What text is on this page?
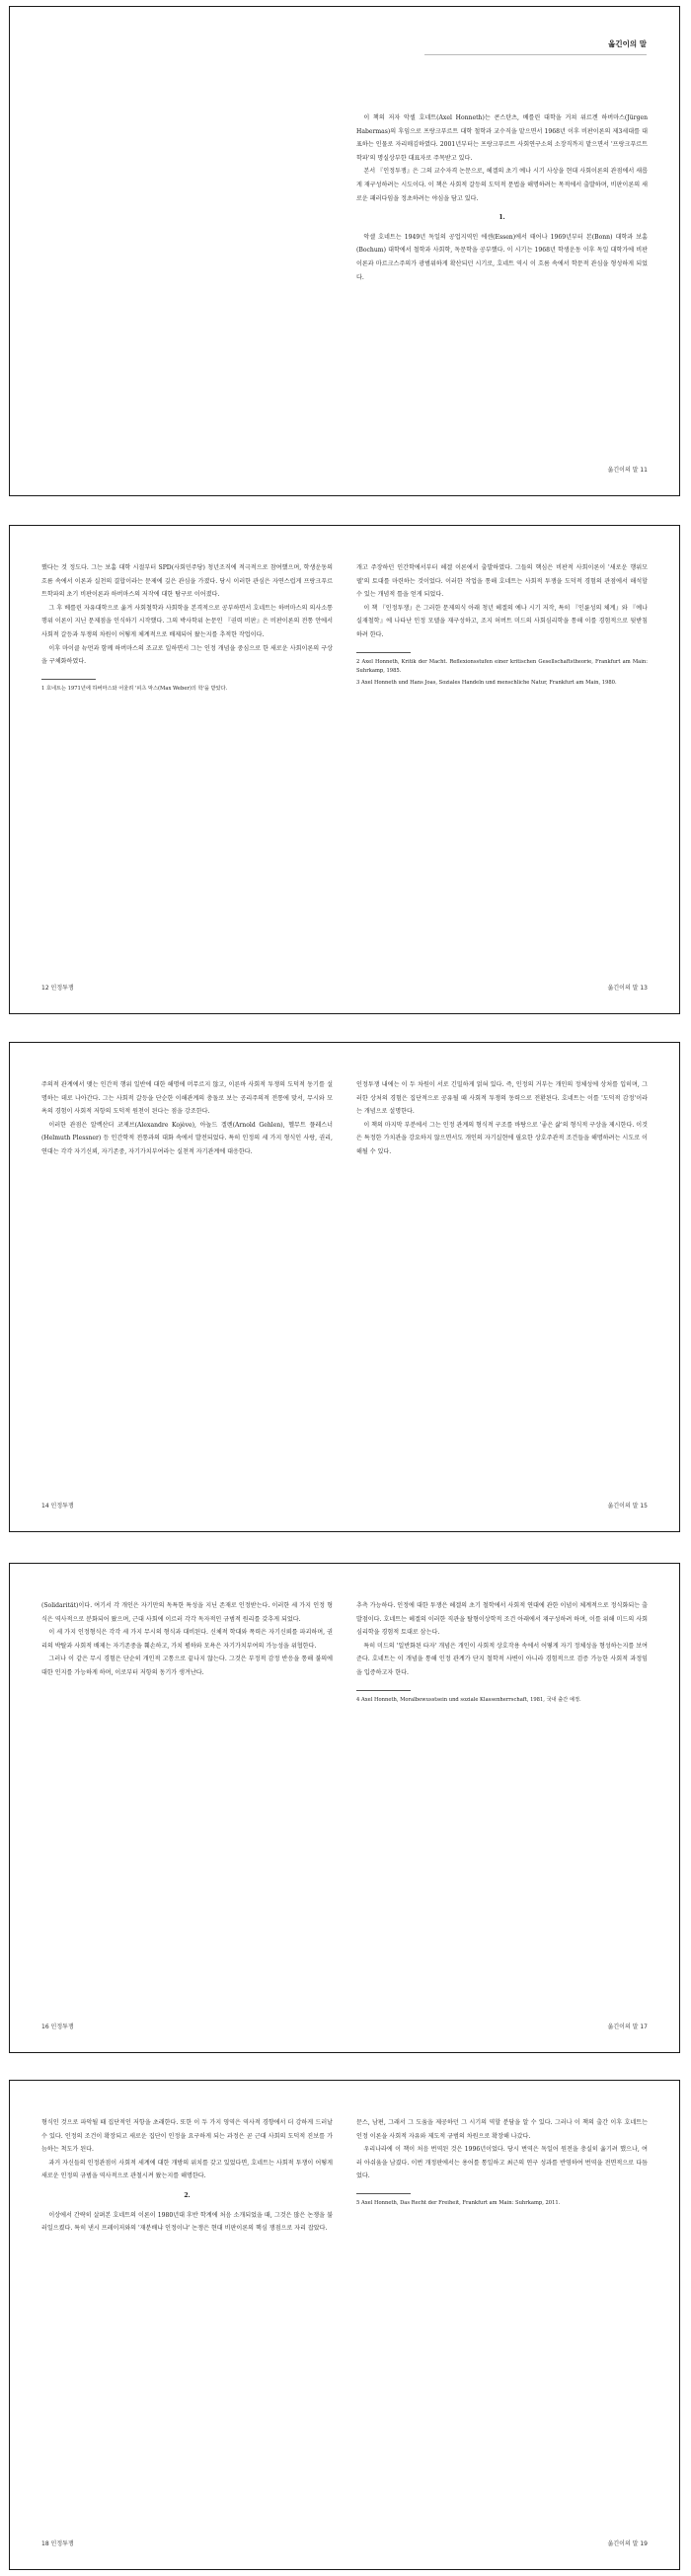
옮긴이의 말

이 책의 저자 악셀 호네트(Axel Honneth)는 콘스탄츠, 베를린 대학을 거쳐 위르겐 하버마스(Jürgen Habermas)의 후임으로 프랑크푸르트 대학 철학과 교수직을 맡으면서 1968년 이후 비판이론의 제3세대를 대표하는 인물로 자리매김하였다. 2001년부터는 프랑크푸르트 사회연구소의 소장직까지 맡으면서 '프랑크푸르트학파'의 명실상부한 대표자로 주목받고 있다.

본서 『인정투쟁』은 그의 교수자격 논문으로, 헤겔의 초기 예나 시기 사상을 현대 사회이론의 관점에서 새롭게 재구성하려는 시도이다. 이 책은 사회적 갈등의 도덕적 문법을 해명하려는 목적에서 출발하며, 비판이론의 새로운 패러다임을 정초하려는 야심을 담고 있다.

1.

악셀 호네트는 1949년 독일의 공업지역인 에센(Essen)에서 태어나 1969년부터 본(Bonn) 대학과 보훔(Bochum) 대학에서 철학과 사회학, 독문학을 공부했다. 이 시기는 1968년 학생운동 이후 독일 대학가에 비판이론과 마르크스주의가 광범위하게 확산되던 시기로, 호네트 역시 이 흐름 속에서 학문적 관심을 형성하게 되었다.

옮긴이의 말 11

했다는 것 정도다. 그는 보훔 대학 시절부터 SPD(사회민주당) 청년조직에 적극적으로 참여했으며, 학생운동의 흐름 속에서 이론과 실천의 결합이라는 문제에 깊은 관심을 가졌다. 당시 이러한 관심은 자연스럽게 프랑크푸르트학파의 초기 비판이론과 하버마스의 저작에 대한 탐구로 이어졌다.

그 후 베를린 자유대학으로 옮겨 사회철학과 사회학을 본격적으로 공부하면서 호네트는 하버마스의 의사소통행위 이론이 지닌 문제점을 인식하기 시작했다. 그의 박사학위 논문인 『권력 비판』은 비판이론의 전통 안에서 사회적 갈등과 투쟁의 차원이 어떻게 체계적으로 배제되어 왔는지를 추적한 작업이다.

이후 마이클 뉴먼과 함께 하버마스의 조교로 일하면서 그는 인정 개념을 중심으로 한 새로운 사회이론의 구상을 구체화하였다.

1 호네트는 1971년에 하버마스와 어울려 '피츠 막스(Max Weber)의 학'을 받았다.

개고 주장하던 인간학에서부터 헤겔 이론에서 출발하였다. 그들의 핵심은 비판적 사회이론이 '새로운 행위모델'의 토대를 마련하는 것이었다. 이러한 작업을 통해 호네트는 사회적 투쟁을 도덕적 경험의 관점에서 해석할 수 있는 개념적 틀을 얻게 되었다.

이 책 『인정투쟁』은 그러한 문제의식 아래 청년 헤겔의 예나 시기 저작, 특히 『인륜성의 체계』와 『예나 실재철학』에 나타난 인정 모델을 재구성하고, 조지 허버트 미드의 사회심리학을 통해 이를 경험적으로 뒷받침하려 한다.

2 Axel Honneth, Kritik der Macht. Reflexionsstufen einer kritischen Gesellschaftstheorie, Frankfurt am Main: Suhrkamp, 1985.

3 Axel Honneth und Hans Joas, Soziales Handeln und menschliche Natur, Frankfurt am Main, 1980.

12 인정투쟁	옮긴이의 말 13

주의적 관계에서 맺는 인간적 행위 일반에 대한 해명에 머무르지 않고, 이른바 사회적 투쟁의 도덕적 동기를 설명하는 데로 나아간다. 그는 사회적 갈등을 단순한 이해관계의 충돌로 보는 공리주의적 전통에 맞서, 무시와 모욕의 경험이 사회적 저항의 도덕적 원천이 된다는 점을 강조한다.

이러한 관점은 알렉산더 코제브(Alexandre Kojève), 아놀드 겔렌(Arnold Gehlen), 헬무트 플레스너(Helmuth Plessner) 등 인간학적 전통과의 대화 속에서 발전되었다. 특히 인정의 세 가지 형식인 사랑, 권리, 연대는 각각 자기신뢰, 자기존중, 자기가치부여라는 실천적 자기관계에 대응한다.

인정투쟁 내에는 이 두 차원이 서로 긴밀하게 얽혀 있다. 즉, 인정의 거부는 개인의 정체성에 상처를 입히며, 그러한 상처의 경험은 집단적으로 공유될 때 사회적 투쟁의 동력으로 전환된다. 호네트는 이를 '도덕적 감정'이라는 개념으로 설명한다.

이 책의 마지막 부분에서 그는 인정 관계의 형식적 구조를 바탕으로 '좋은 삶'의 형식적 구상을 제시한다. 이것은 특정한 가치관을 강요하지 않으면서도 개인의 자기실현에 필요한 상호주관적 조건들을 해명하려는 시도로 이해될 수 있다.

14 인정투쟁	옮긴이의 말 15

(Solidarität)이다. 여기서 각 개인은 자기만의 독특한 특성을 지닌 존재로 인정받는다. 이러한 세 가지 인정 형식은 역사적으로 분화되어 왔으며, 근대 사회에 이르러 각각 독자적인 규범적 원리를 갖추게 되었다.

이 세 가지 인정형식은 각각 세 가지 무시의 형식과 대비된다. 신체적 학대와 폭력은 자기신뢰를 파괴하며, 권리의 박탈과 사회적 배제는 자기존중을 훼손하고, 가치 폄하와 모욕은 자기가치부여의 가능성을 위협한다.

그러나 이 같은 무시 경험은 단순히 개인적 고통으로 끝나지 않는다. 그것은 부정적 감정 반응을 통해 불의에 대한 인지를 가능하게 하며, 이로부터 저항의 동기가 생겨난다.

추측 가능하다. 인정에 대한 투쟁은 헤겔의 초기 철학에서 사회적 연대에 관한 이념이 체계적으로 정식화되는 출발점이다. 호네트는 헤겔의 이러한 직관을 탈형이상학적 조건 아래에서 재구성하려 하며, 이를 위해 미드의 사회심리학을 경험적 토대로 삼는다.

특히 미드의 '일반화된 타자' 개념은 개인이 사회적 상호작용 속에서 어떻게 자기 정체성을 형성하는지를 보여준다. 호네트는 이 개념을 통해 인정 관계가 단지 철학적 사변이 아니라 경험적으로 검증 가능한 사회적 과정임을 입증하고자 한다.

4 Axel Honneth, Moralbewusstsein und soziale Klassenherrschaft, 1981, 국내 출간 예정.

16 인정투쟁	옮긴이의 말 17

형식인 것으로 파악될 때 집단적인 저항을 초래한다. 또한 이 두 가지 영역은 역사적 경향에서 더 강하게 드러날 수 있다. 인정의 조건이 확장되고 새로운 집단이 인정을 요구하게 되는 과정은 곧 근대 사회의 도덕적 진보를 가늠하는 척도가 된다.

과거 자신들의 인정관점이 사회적 세계에 대한 개방의 위치를 갖고 있었다면, 호네트는 사회적 투쟁이 어떻게 새로운 인정의 규범을 역사적으로 관철시켜 왔는지를 해명한다.

2.

이상에서 간략히 살펴본 호네트의 이론이 1980년대 후반 학계에 처음 소개되었을 때, 그것은 많은 논쟁을 불러일으켰다. 특히 낸시 프레이저와의 '재분배냐 인정이냐' 논쟁은 현대 비판이론의 핵심 쟁점으로 자리 잡았다.

문스, 남편, 그래서 그 도움을 제공하던 그 시기의 역할 분담을 알 수 있다. 그러나 이 책의 출간 이후 호네트는 인정 이론을 사회적 자유와 제도적 규범의 차원으로 확장해 나갔다.

우리나라에 이 책이 처음 번역된 것은 1996년이었다. 당시 번역은 독일어 원전을 충실히 옮기려 했으나, 여러 아쉬움을 남겼다. 이번 개정판에서는 용어를 통일하고 최근의 연구 성과를 반영하여 번역을 전면적으로 다듬었다.

5 Axel Honneth, Das Recht der Freiheit, Frankfurt am Main: Suhrkamp, 2011.

18 인정투쟁	옮긴이의 말 19
